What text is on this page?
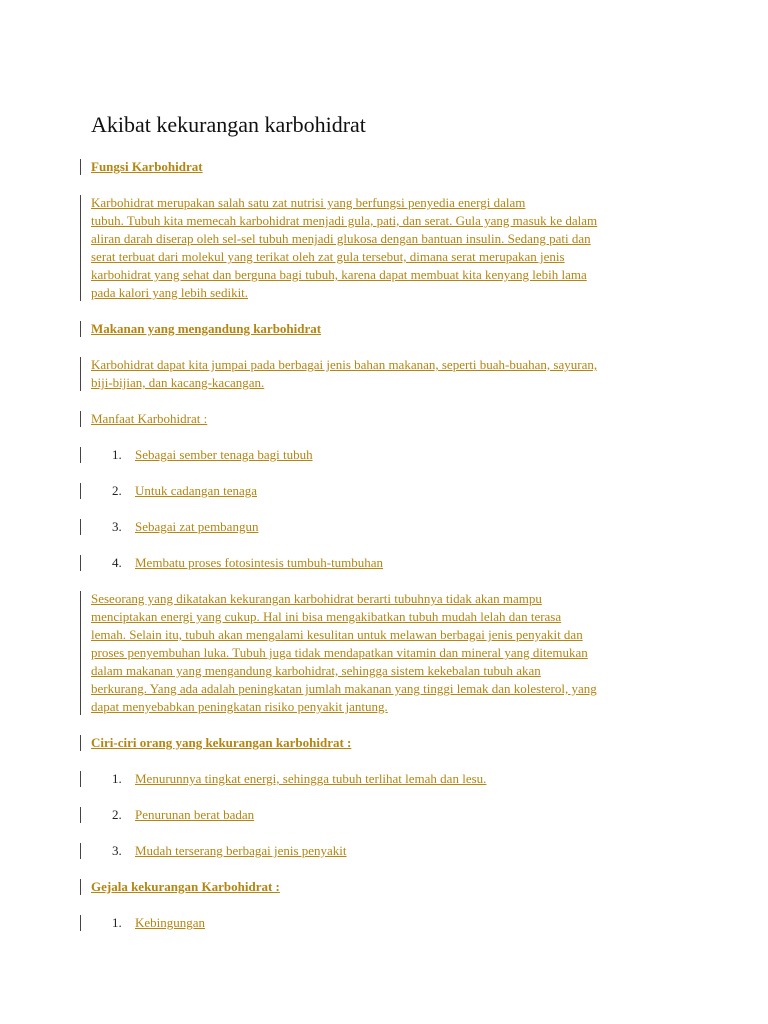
Akibat kekurangan karbohidrat

Fungsi Karbohidrat

Karbohidrat merupakan salah satu zat nutrisi yang berfungsi penyedia energi dalam
tubuh. Tubuh kita memecah karbohidrat menjadi gula, pati, dan serat. Gula yang masuk ke dalam
aliran darah diserap oleh sel-sel tubuh menjadi glukosa dengan bantuan insulin. Sedang pati dan
serat terbuat dari molekul yang terikat oleh zat gula tersebut, dimana serat merupakan jenis
karbohidrat yang sehat dan berguna bagi tubuh, karena dapat membuat kita kenyang lebih lama
pada kalori yang lebih sedikit.

Makanan yang mengandung karbohidrat

Karbohidrat dapat kita jumpai pada berbagai jenis bahan makanan, seperti buah-buahan, sayuran,
biji-bijian, dan kacang-kacangan.

Manfaat Karbohidrat :

1. Sebagai sember tenaga bagi tubuh

2. Untuk cadangan tenaga

3. Sebagai zat pembangun

4. Membatu proses fotosintesis tumbuh-tumbuhan

Seseorang yang dikatakan kekurangan karbohidrat berarti tubuhnya tidak akan mampu
menciptakan energi yang cukup. Hal ini bisa mengakibatkan tubuh mudah lelah dan terasa
lemah. Selain itu, tubuh akan mengalami kesulitan untuk melawan berbagai jenis penyakit dan
proses penyembuhan luka. Tubuh juga tidak mendapatkan vitamin dan mineral yang ditemukan
dalam makanan yang mengandung karbohidrat, sehingga sistem kekebalan tubuh akan
berkurang. Yang ada adalah peningkatan jumlah makanan yang tinggi lemak dan kolesterol, yang
dapat menyebabkan peningkatan risiko penyakit jantung.

Ciri-ciri orang yang kekurangan karbohidrat :

1. Menurunnya tingkat energi, sehingga tubuh terlihat lemah dan lesu.

2. Penurunan berat badan

3. Mudah terserang berbagai jenis penyakit

Gejala kekurangan Karbohidrat :

1. Kebingungan
